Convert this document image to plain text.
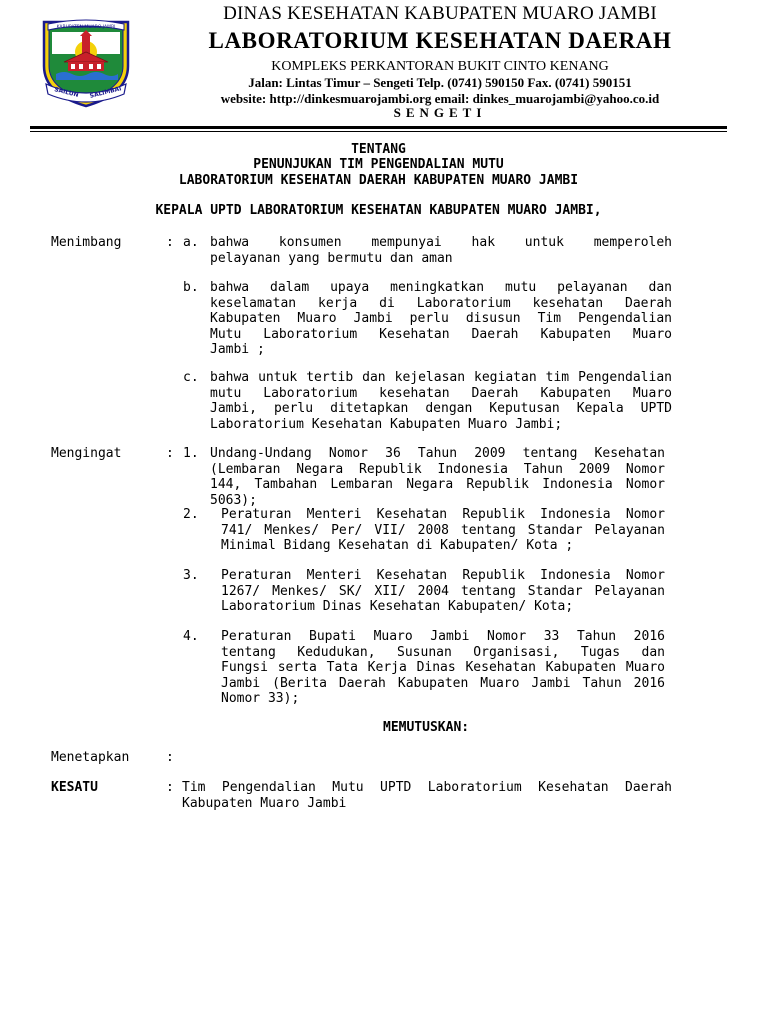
KABUPATEN MUARO JAMBI
SAILUN SALIMBAI
DINAS KESEHATAN KABUPATEN MUARO JAMBI
LABORATORIUM KESEHATAN DAERAH
KOMPLEKS PERKANTORAN BUKIT CINTO KENANG
Jalan: Lintas Timur – Sengeti Telp. (0741) 590150 Fax. (0741) 590151
website: http://dinkesmuarojambi.org email: dinkes_muarojambi@yahoo.co.id
SENGETI
TENTANG
PENUNJUKAN TIM PENGENDALIAN MUTU
LABORATORIUM KESEHATAN DAERAH KABUPATEN MUARO JAMBI
KEPALA UPTD LABORATORIUM KESEHATAN KABUPATEN MUARO JAMBI,
Menimbang	: a. bahwa konsumen mempunyai hak untuk memperoleh
pelayanan yang bermutu dan aman
b. bahwa dalam upaya meningkatkan mutu pelayanan dan
keselamatan kerja di Laboratorium kesehatan Daerah
Kabupaten Muaro Jambi perlu disusun Tim Pengendalian
Mutu Laboratorium Kesehatan Daerah Kabupaten Muaro
Jambi ;
c. bahwa untuk tertib dan kejelasan kegiatan tim Pengendalian
mutu Laboratorium kesehatan Daerah Kabupaten Muaro
Jambi, perlu ditetapkan dengan Keputusan Kepala UPTD
Laboratorium Kesehatan Kabupaten Muaro Jambi;
Mengingat	: 1. Undang-Undang Nomor 36 Tahun 2009 tentang Kesehatan
(Lembaran Negara Republik Indonesia Tahun 2009 Nomor
144, Tambahan Lembaran Negara Republik Indonesia Nomor
5063);
2. Peraturan Menteri Kesehatan Republik Indonesia Nomor
741/ Menkes/ Per/ VII/ 2008 tentang Standar Pelayanan
Minimal Bidang Kesehatan di Kabupaten/ Kota ;
3. Peraturan Menteri Kesehatan Republik Indonesia Nomor
1267/ Menkes/ SK/ XII/ 2004 tentang Standar Pelayanan
Laboratorium Dinas Kesehatan Kabupaten/ Kota;
4. Peraturan Bupati Muaro Jambi Nomor 33 Tahun 2016
tentang Kedudukan, Susunan Organisasi, Tugas dan
Fungsi serta Tata Kerja Dinas Kesehatan Kabupaten Muaro
Jambi (Berita Daerah Kabupaten Muaro Jambi Tahun 2016
Nomor 33);
MEMUTUSKAN:
Menetapkan	:
KESATU	: Tim Pengendalian Mutu UPTD Laboratorium Kesehatan Daerah
Kabupaten Muaro Jambi
